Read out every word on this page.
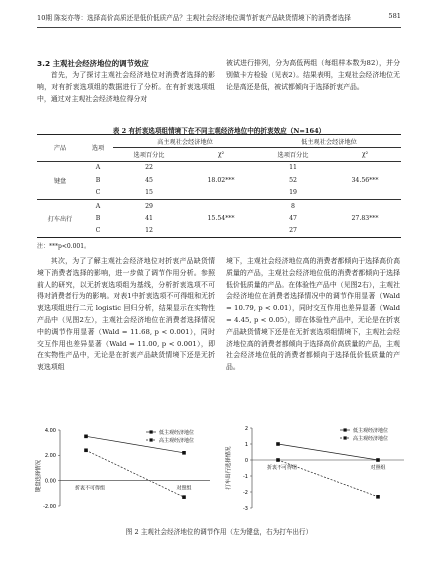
10期 陈妄亦等：选择高价高质还是低价低质产品？主观社会经济地位调节折衷产品缺货情境下的消费者选择	581
3.2 主观社会经济地位的调节效应

首先，为了探讨主观社会经济地位对消费者选择的影响，对有折衷选项组的数据进行了分析。在有折衷选项组中，通过对主观社会经济地位得分对

被试进行排列，分为高低两组（每组样本数为82），并分别做卡方检验（见表2）。结果表明，主观社会经济地位无论是高还是低，被试都倾向于选择折衷产品。

表 2 有折衷选项组情境下在不同主观经济地位中的折衷效应（N=164）
产品	选项	高主观社会经济地位		低主观社会经济地位	
		选项百分比	χ²	选项百分比	χ²
键盘	A	22		11	
	B	45	18.02***	52	34.56***
	C	15		19	
打车出行	A	29		8	
	B	41	15.54***	47	27.83***
	C	12		27	
注：***p<0.001。

其次，为了了解主观社会经济地位对折衷产品缺货情境下消费者选择的影响，进一步做了调节作用分析。参照前人的研究，以无折衷选项组为基线，分析折衷选项不可得对消费者行为的影响。对表1中折衷选项不可得组和无折衷选项组进行二元 logistic 回归分析，结果显示在实物性产品中（见图2左），主观社会经济地位在消费者选择情况中的调节作用显著（Wald = 11.68, p < 0.001），同时交互作用也差异显著（Wald = 11.00, p < 0.001），即在实物性产品中，无论是在折衷产品缺货情境下还是无折衷选项组

境下，主观社会经济地位高的消费者都倾向于选择高价高质量的产品，主观社会经济地位低的消费者都倾向于选择低价低质量的产品。在体验性产品中（见图2右），主观社会经济地位在消费者选择情况中的调节作用显著（Wald = 10.79, p < 0.01），同时交互作用也差异显著（Wald = 4.45, p < 0.05），即在体验性产品中，无论是在折衷产品缺货情境下还是在无折衷选项组情境下，主观社会经济地位高的消费者都倾向于选择高价高质量的产品，主观社会经济地位低的消费者都倾向于选择低价低质量的产品。

键盘选择情况
4.00
2.00
0.00
-2.00
折衷不可得组	对照组
低主观经济地位
高主观经济地位
打车出行选择情况
2
1
0
-1
-2
-3
折衷不可得组	对照组
低主观经济地位
高主观经济地位
图 2 主观社会经济地位的调节作用（左为键盘，右为打车出行）
